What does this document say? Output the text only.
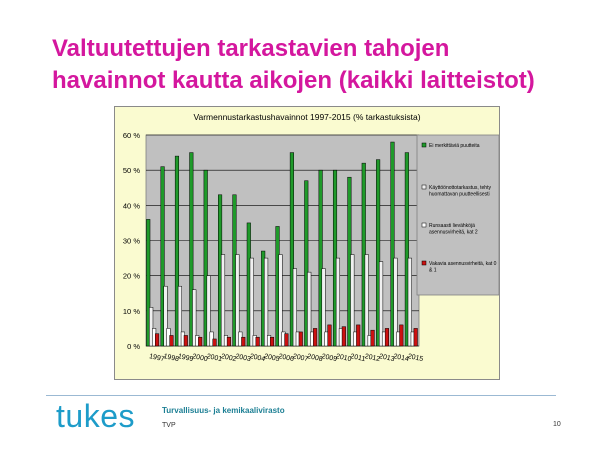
Valtuutettujen tarkastavien tahojen
havainnot kautta aikojen (kaikki laitteistot)
Varmennustarkastushavainnot 1997-2015 (% tarkastuksista)
0 %
10 %
20 %
30 %
40 %
50 %
60 %
1997
1998
1999
2000
2001
2002
2003
2004
2005
2006
2007
2008
2009
2010
2011
2012
2013
2014
2015
Ei merkittäviä puutteita
Käyttöönottotarkastus, tehty huomattavan puutteellisesti
Runsaasti lievähköjä asennusvirheitä, kat 2
Vakavia asennusvirheitä, kat 0 & 1
tukes	Turvallisuus- ja kemikaalivirasto
TVP	10
